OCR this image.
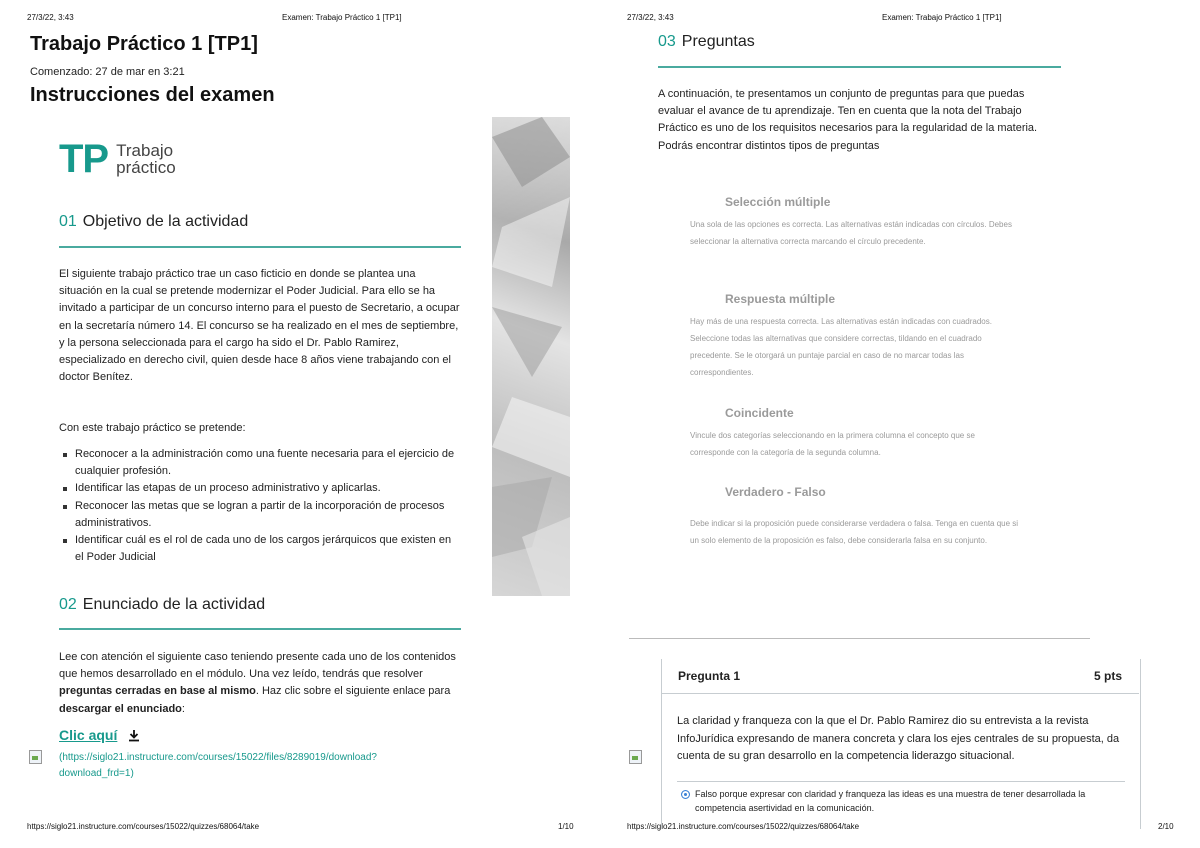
27/3/22, 3:43	Examen: Trabajo Práctico 1 [TP1]
Trabajo Práctico 1 [TP1]
Comenzado: 27 de mar en 3:21
Instrucciones del examen
TP Trabajo
práctico
01 Objetivo de la actividad
El siguiente trabajo práctico trae un caso ficticio en donde se plantea una situación en la cual se pretende modernizar el Poder Judicial. Para ello se ha invitado a participar de un concurso interno para el puesto de Secretario, a ocupar en la secretaría número 14. El concurso se ha realizado en el mes de septiembre, y la persona seleccionada para el cargo ha sido el Dr. Pablo Ramirez, especializado en derecho civil, quien desde hace 8 años viene trabajando con el doctor Benítez.
Con este trabajo práctico se pretende:
Reconocer a la administración como una fuente necesaria para el ejercicio de cualquier profesión.
Identificar las etapas de un proceso administrativo y aplicarlas.
Reconocer las metas que se logran a partir de la incorporación de procesos administrativos.
Identificar cuál es el rol de cada uno de los cargos jerárquicos que existen en el Poder Judicial
02 Enunciado de la actividad
Lee con atención el siguiente caso teniendo presente cada uno de los contenidos que hemos desarrollado en el módulo. Una vez leído, tendrás que resolver preguntas cerradas en base al mismo. Haz clic sobre el siguiente enlace para descargar el enunciado:
Clic aquí
(https://siglo21.instructure.com/courses/15022/files/8289019/download?download_frd=1)
https://siglo21.instructure.com/courses/15022/quizzes/68064/take	1/10
27/3/22, 3:43	Examen: Trabajo Práctico 1 [TP1]
https://siglo21.instructure.com/courses/15022/quizzes/68064/take	2/10
03 Preguntas
A continuación, te presentamos un conjunto de preguntas para que puedas evaluar el avance de tu aprendizaje. Ten en cuenta que la nota del Trabajo Práctico es uno de los requisitos necesarios para la regularidad de la materia. Podrás encontrar distintos tipos de preguntas
Selección múltiple
Una sola de las opciones es correcta. Las alternativas están indicadas con círculos. Debes seleccionar la alternativa correcta marcando el círculo precedente.
Respuesta múltiple
Hay más de una respuesta correcta. Las alternativas están indicadas con cuadrados. Seleccione todas las alternativas que considere correctas, tildando en el cuadrado precedente. Se le otorgará un puntaje parcial en caso de no marcar todas las correspondientes.
Coincidente
Vincule dos categorías seleccionando en la primera columna el concepto que se corresponde con la categoría de la segunda columna.
Verdadero - Falso
Debe indicar si la proposición puede considerarse verdadera o falsa. Tenga en cuenta que si un solo elemento de la proposición es falso, debe considerarla falsa en su conjunto.
Pregunta 1	5 pts
La claridad y franqueza con la que el Dr. Pablo Ramirez dio su entrevista a la revista InfoJurídica expresando de manera concreta y clara los ejes centrales de su propuesta, da cuenta de su gran desarrollo en la competencia liderazgo situacional.
Falso porque expresar con claridad y franqueza las ideas es una muestra de tener desarrollada la competencia asertividad en la comunicación.
